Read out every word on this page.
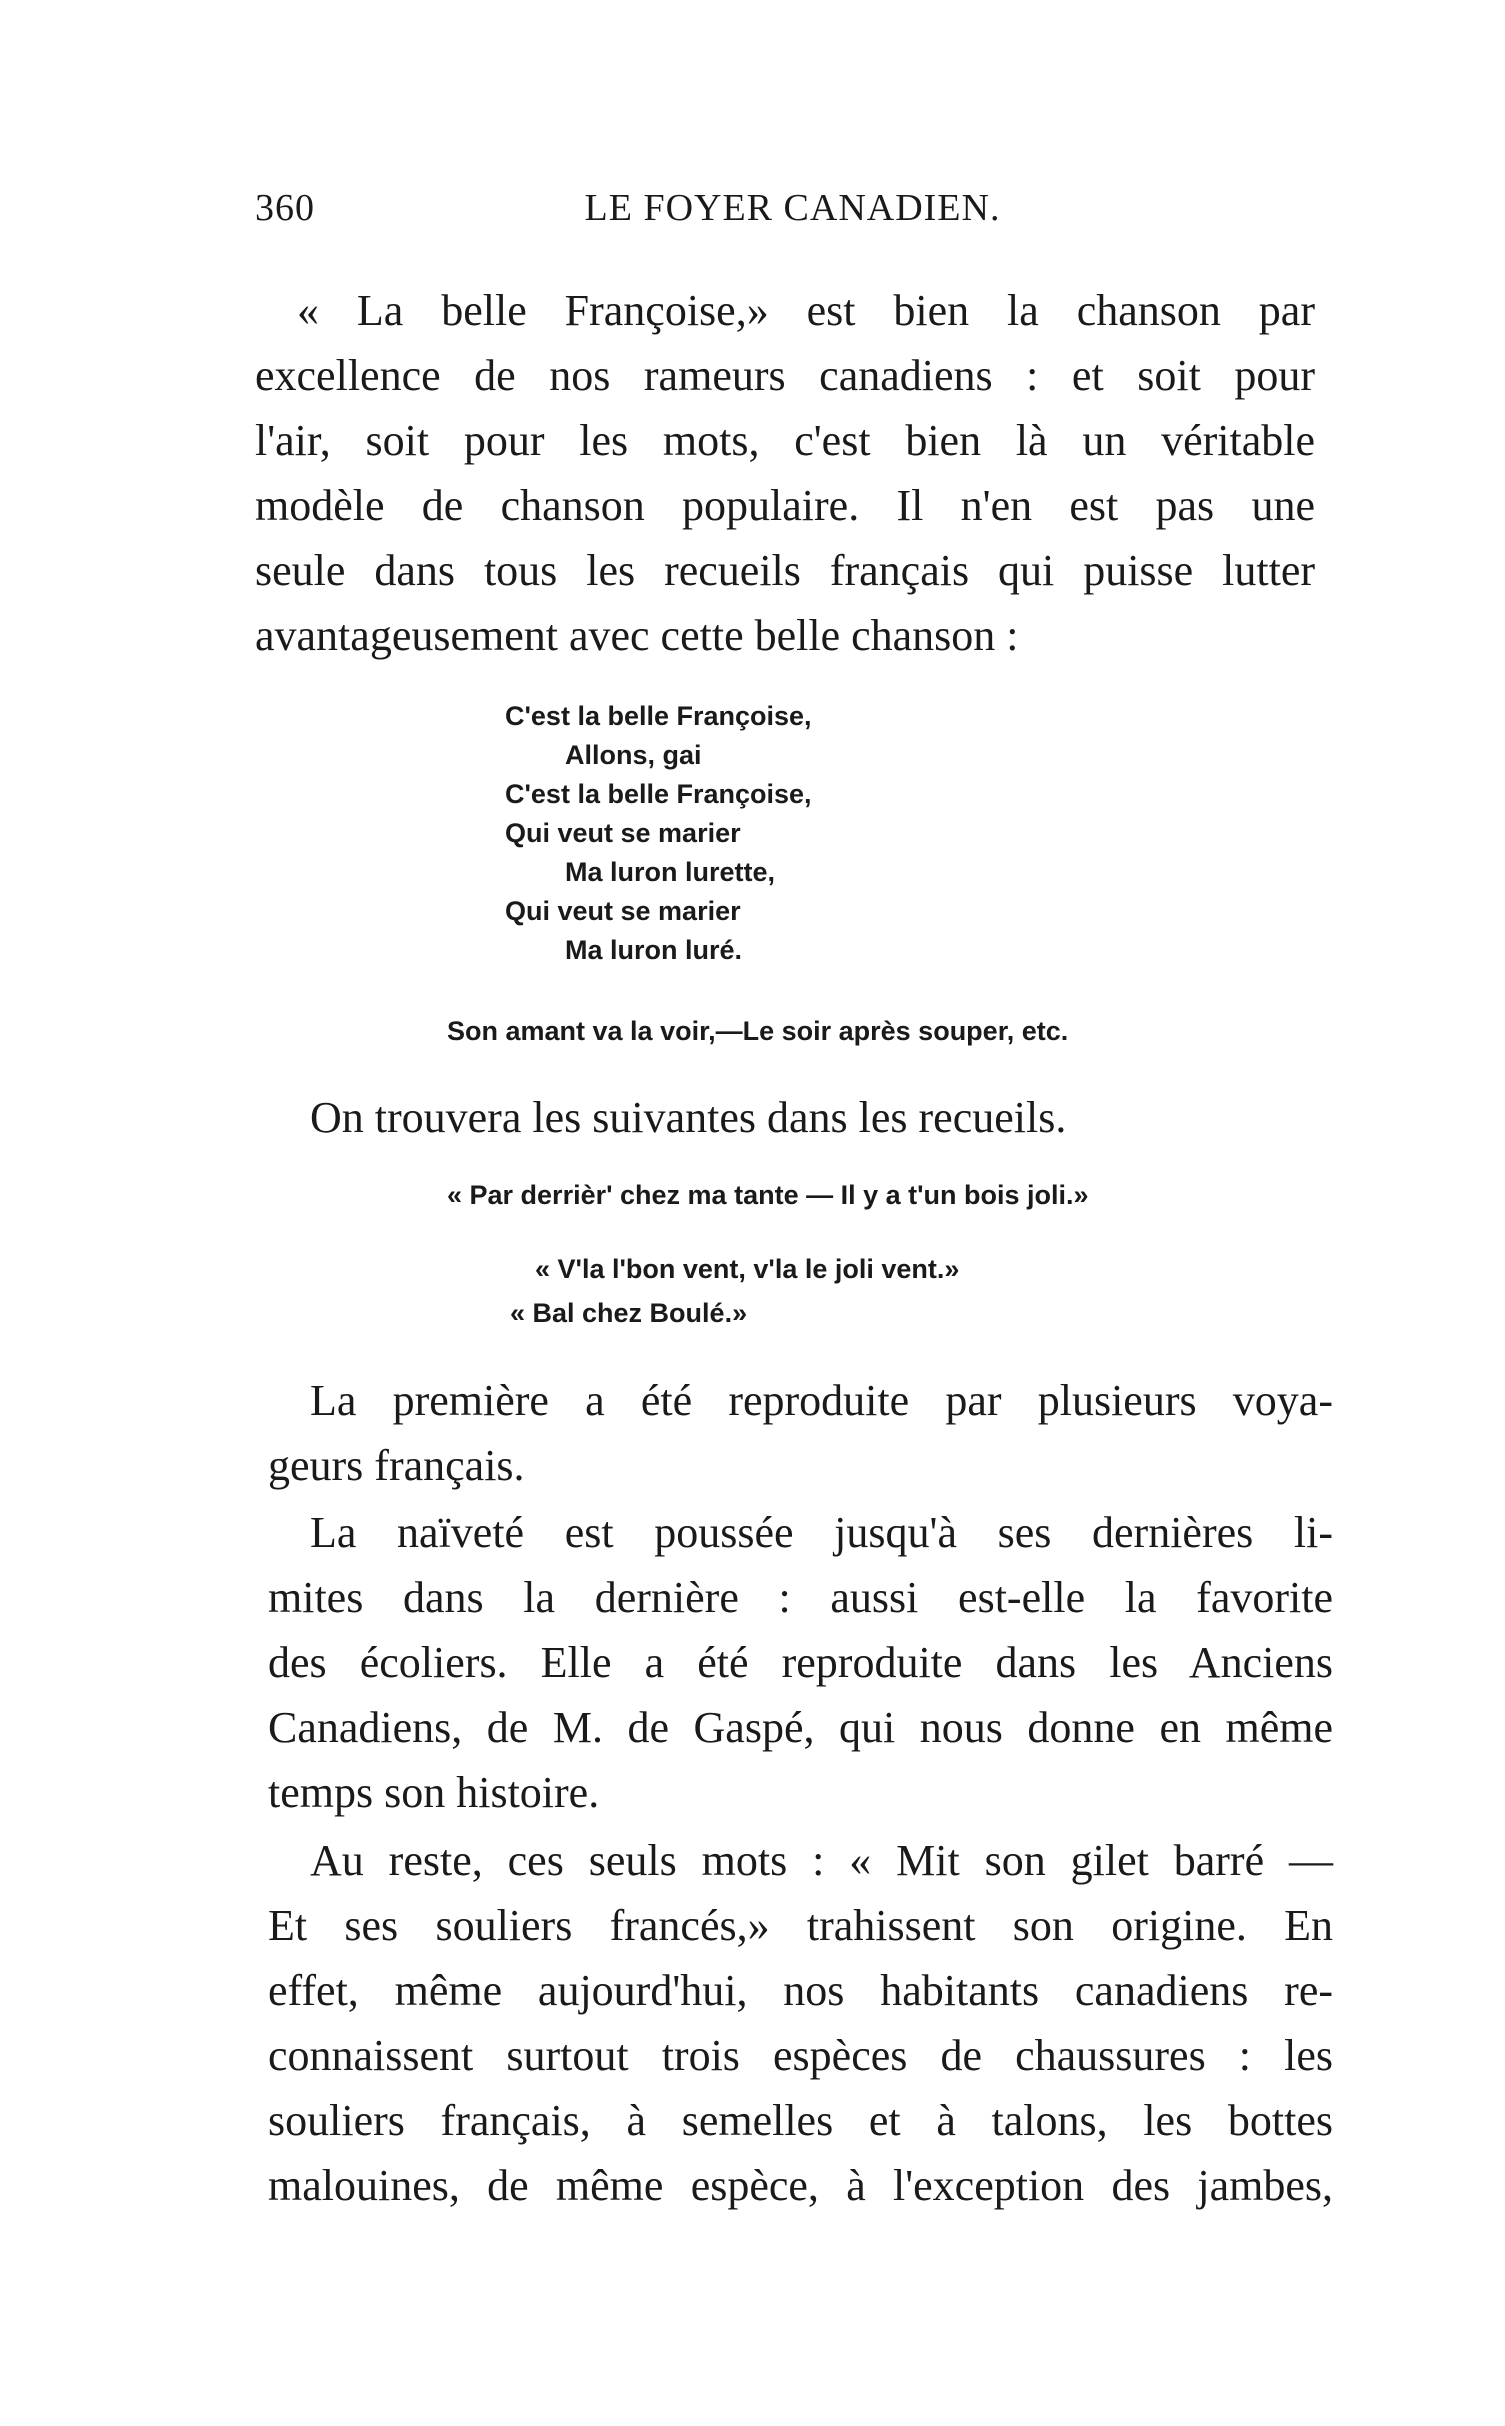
360	LE FOYER CANADIEN.
« La belle Françoise,» est bien la chanson par
excellence de nos rameurs canadiens : et soit pour
l'air, soit pour les mots, c'est bien là un véritable
modèle de chanson populaire. Il n'en est pas une
seule dans tous les recueils français qui puisse lutter
avantageusement avec cette belle chanson :
C'est la belle Françoise,
Allons, gai
C'est la belle Françoise,
Qui veut se marier
Ma luron lurette,
Qui veut se marier
Ma luron luré.
Son amant va la voir,—Le soir après souper, etc.
On trouvera les suivantes dans les recueils.
« Par derrièr' chez ma tante — Il y a t'un bois joli.»
« V'la l'bon vent, v'la le joli vent.»
« Bal chez Boulé.»
La première a été reproduite par plusieurs voya-
geurs français.
La naïveté est poussée jusqu'à ses dernières li-
mites dans la dernière : aussi est-elle la favorite
des écoliers. Elle a été reproduite dans les Anciens
Canadiens, de M. de Gaspé, qui nous donne en même
temps son histoire.
Au reste, ces seuls mots : « Mit son gilet barré —
Et ses souliers francés,» trahissent son origine. En
effet, même aujourd'hui, nos habitants canadiens re-
connaissent surtout trois espèces de chaussures : les
souliers français, à semelles et à talons, les bottes
malouines, de même espèce, à l'exception des jambes,
